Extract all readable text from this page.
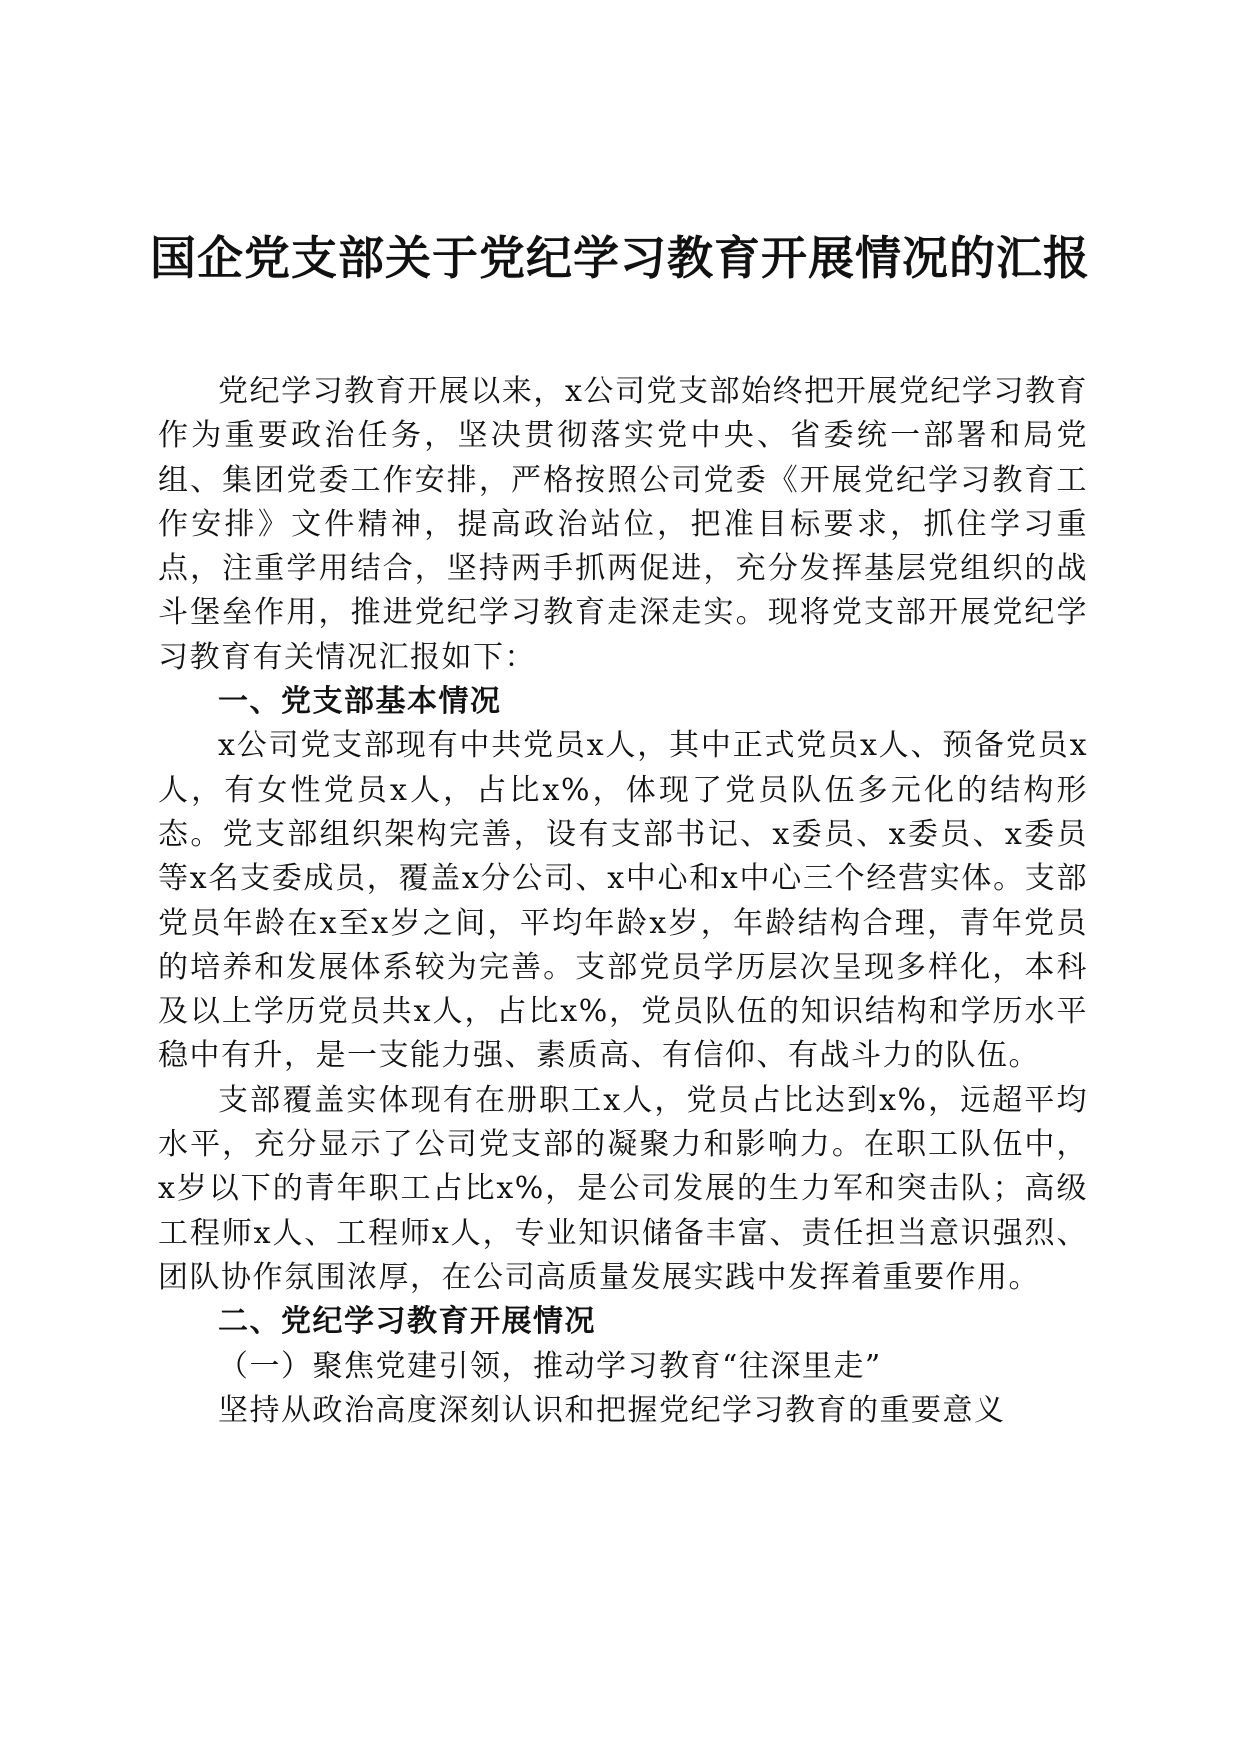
国企党支部关于党纪学习教育开展情况的汇报

党纪学习教育开展以来，x公司党支部始终把开展党纪学习教育作为重要政治任务，坚决贯彻落实党中央、省委统一部署和局党组、集团党委工作安排，严格按照公司党委《开展党纪学习教育工作安排》文件精神，提高政治站位，把准目标要求，抓住学习重点，注重学用结合，坚持两手抓两促进，充分发挥基层党组织的战斗堡垒作用，推进党纪学习教育走深走实。现将党支部开展党纪学习教育有关情况汇报如下：

一、党支部基本情况

x公司党支部现有中共党员x人，其中正式党员x人、预备党员x人，有女性党员x人，占比x%，体现了党员队伍多元化的结构形态。党支部组织架构完善，设有支部书记、x委员、x委员、x委员等x名支委成员，覆盖x分公司、x中心和x中心三个经营实体。支部党员年龄在x至x岁之间，平均年龄x岁，年龄结构合理，青年党员的培养和发展体系较为完善。支部党员学历层次呈现多样化，本科及以上学历党员共x人，占比x%，党员队伍的知识结构和学历水平稳中有升，是一支能力强、素质高、有信仰、有战斗力的队伍。

支部覆盖实体现有在册职工x人，党员占比达到x%，远超平均水平，充分显示了公司党支部的凝聚力和影响力。在职工队伍中，x岁以下的青年职工占比x%，是公司发展的生力军和突击队；高级工程师x人、工程师x人，专业知识储备丰富、责任担当意识强烈、团队协作氛围浓厚，在公司高质量发展实践中发挥着重要作用。

二、党纪学习教育开展情况

（一）聚焦党建引领，推动学习教育“往深里走”

坚持从政治高度深刻认识和把握党纪学习教育的重要意义
